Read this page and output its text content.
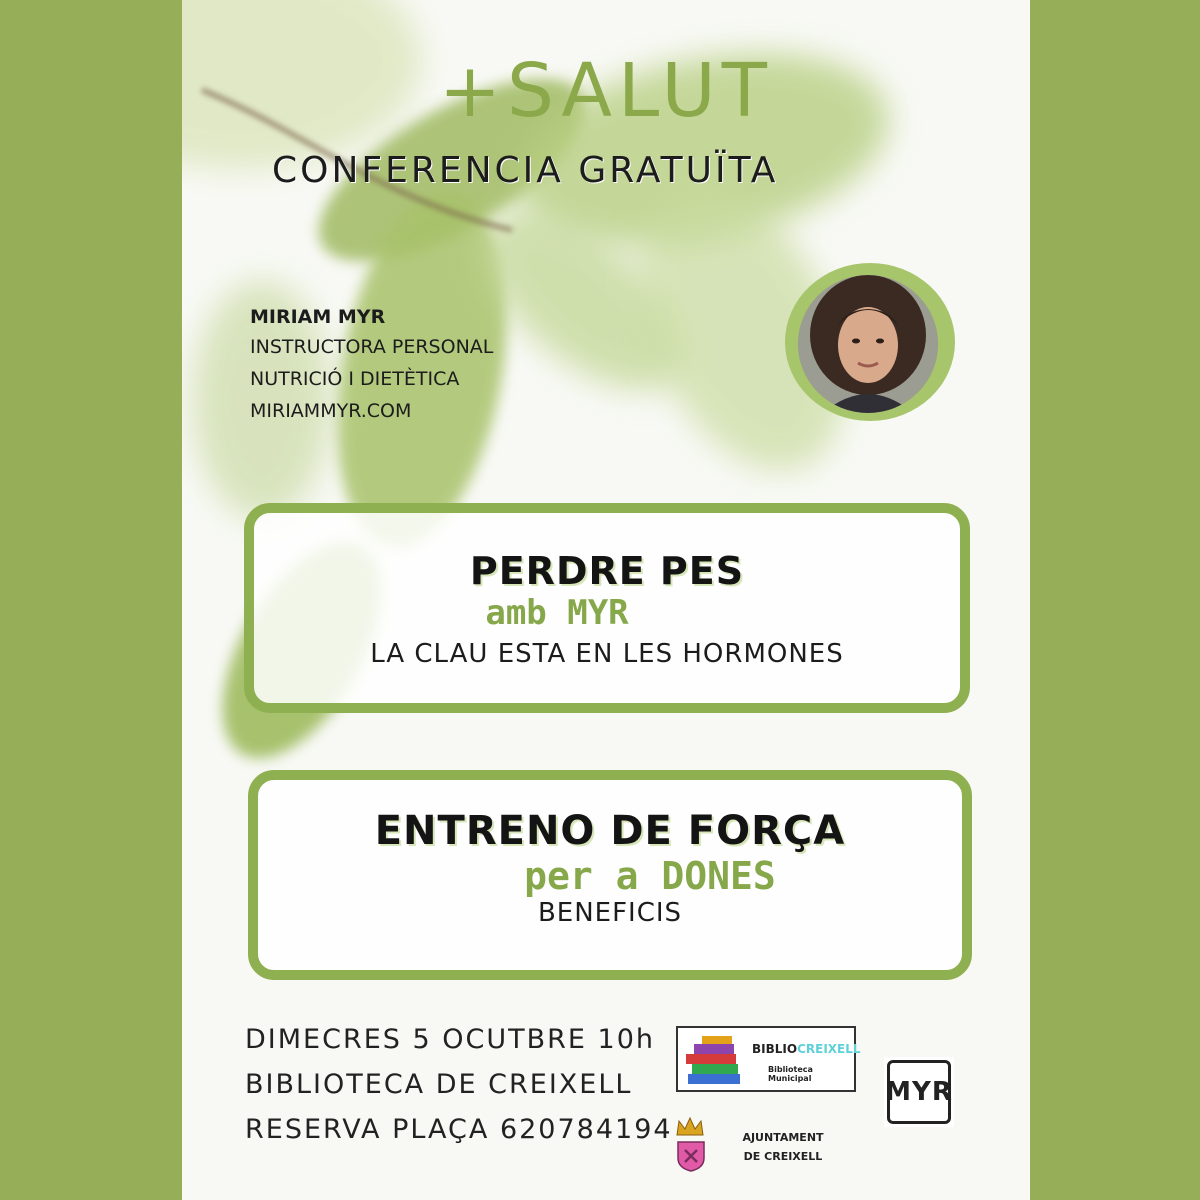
+SALUT
CONFERENCIA GRATUÏTA
MIRIAM MYR
INSTRUCTORA PERSONAL
NUTRICIÓ I DIETÈTICA
MIRIAMMYR.COM
PERDRE PES
amb MYR
LA CLAU ESTA EN LES HORMONES
ENTRENO DE FORÇA
per a DONES
BENEFICIS
DIMECRES 5 OCUTBRE 10h
BIBLIOTECA DE CREIXELL
RESERVA PLAÇA 620784194
BIBLIOCREIXELL
Biblioteca Municipal	MYR
AJUNTAMENT
DE CREIXELL
